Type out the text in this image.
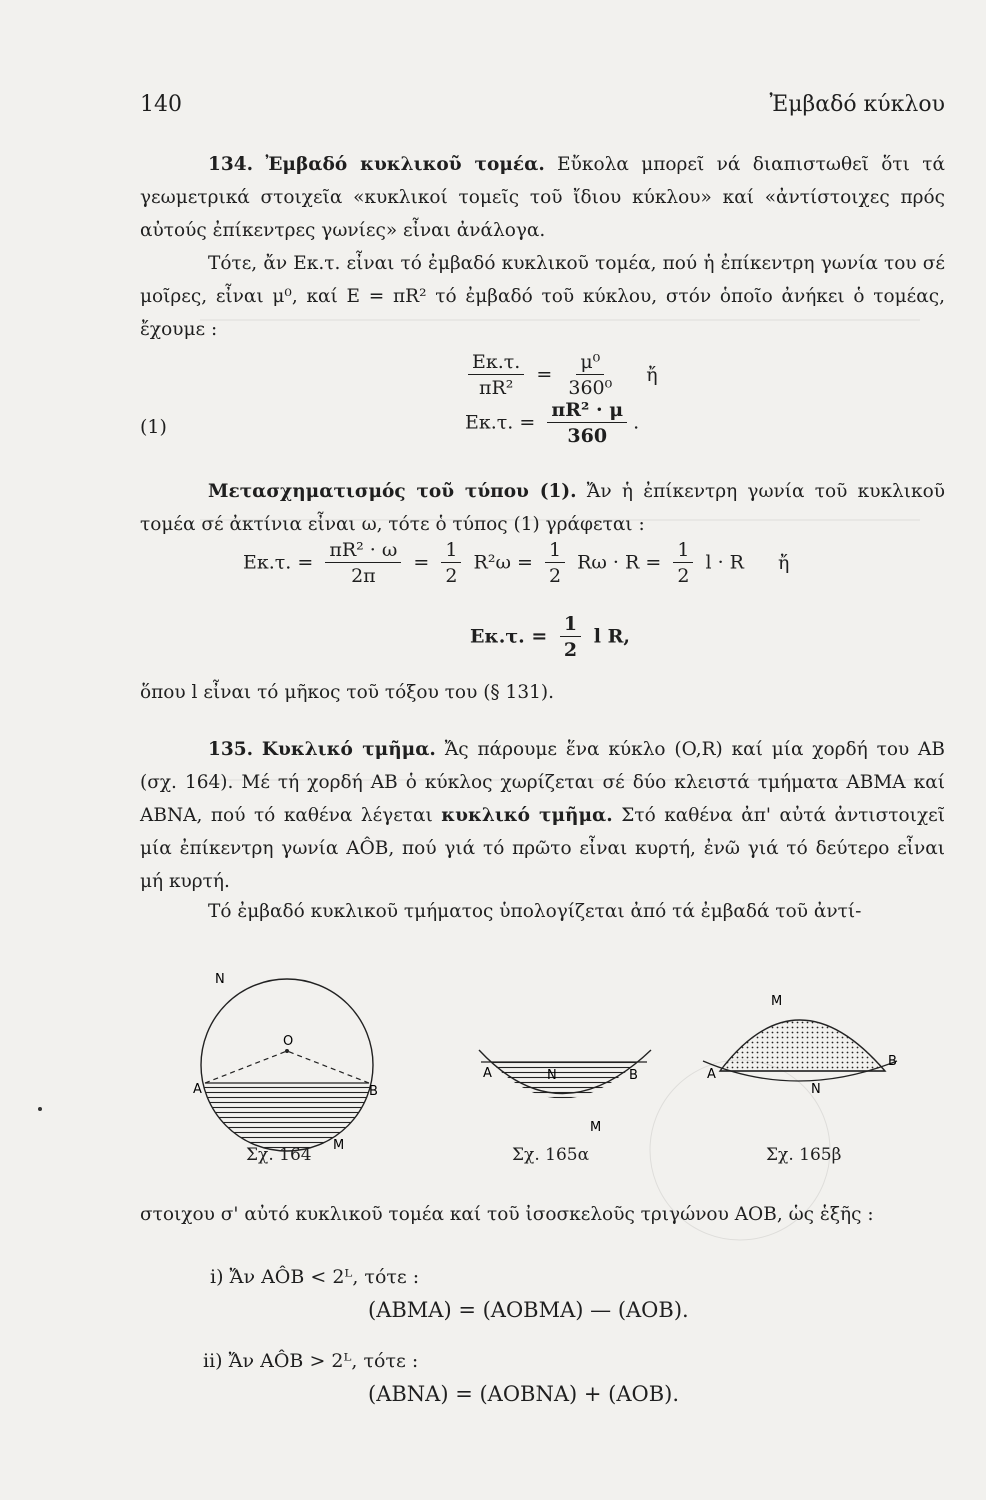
140	Ἐμβαδό κύκλου
134. Ἐμβαδό κυκλικοῦ τομέα. Εὔκολα μπορεῖ νά διαπιστωθεῖ ὅτι τά γεωμετρικά στοιχεῖα «κυκλικοί τομεῖς τοῦ ἴδιου κύκλου» καί «ἀντίστοιχες πρός αὐτούς ἐπίκεντρες γωνίες» εἶναι ἀνάλογα.
Τότε, ἄν Eκ.τ. εἶναι τό ἐμβαδό κυκλικοῦ τομέα, πού ἡ ἐπίκεντρη γωνία του σέ μοῖρες, εἶναι μ⁰, καί E = πR² τό ἐμβαδό τοῦ κύκλου, στόν ὁποῖο ἀνήκει ὁ τομέας, ἔχουμε :
$\frac{E\kappa.\tau.}{\text{πR²}} = \frac{\text{μ⁰}}{\text{360⁰}}$ ἤ
(1)	Eκ.τ. = $\frac{\text{πR² · μ}}{360}$ .
Μετασχηματισμός τοῦ τύπου (1). Ἄν ἡ ἐπίκεντρη γωνία τοῦ κυκλικοῦ τομέα σέ ἀκτίνια εἶναι ω, τότε ὁ τύπος (1) γράφεται :
Eκ.τ. = $\frac{\text{πR² · ω}}{2\pi} = \frac{1}{2} R^2\omega = \frac{1}{2}$ $R\omega \cdot R = \frac{1}{2}$ l · R ἤ
Eκ.τ. = $\frac{1}{2}$ l R,
ὅπου l εἶναι τό μῆκος τοῦ τόξου του (§ 131).
135. Κυκλικό τμῆμα. Ἄς πάρουμε ἕνα κύκλο (O,R) καί μία χορδή του AB (σχ. 164). Μέ τή χορδή AB ὁ κύκλος χωρίζεται σέ δύο κλειστά τμήματα ABMA καί ABNA, πού τό καθένα λέγεται κυκλικό τμῆμα. Στό καθένα ἀπ' αὐτά ἀντιστοιχεῖ μία ἐπίκεντρη γωνία AÔB, πού γιά τό πρῶτο εἶναι κυρτή, ἐνῶ γιά τό δεύτερο εἶναι μή κυρτή.
Τό ἐμβαδό κυκλικοῦ τμήματος ὑπολογίζεται ἀπό τά ἐμβαδά τοῦ ἀντί-
N
O
A	B
M
A	N	B
M
M
A
B
N
Σχ. 164	Σχ. 165α	Σχ. 165β
στοιχου σ' αὐτό κυκλικοῦ τομέα καί τοῦ ἰσοσκελοῦς τριγώνου AOB, ὡς ἑξῆς :
i) Ἄν AÔB < 2ᴸ, τότε :
(ABMA) = (AOBMA) — (AOB).
ii) Ἄν AÔB > 2ᴸ, τότε :
(ABNA) = (AOBNA) + (AOB).
